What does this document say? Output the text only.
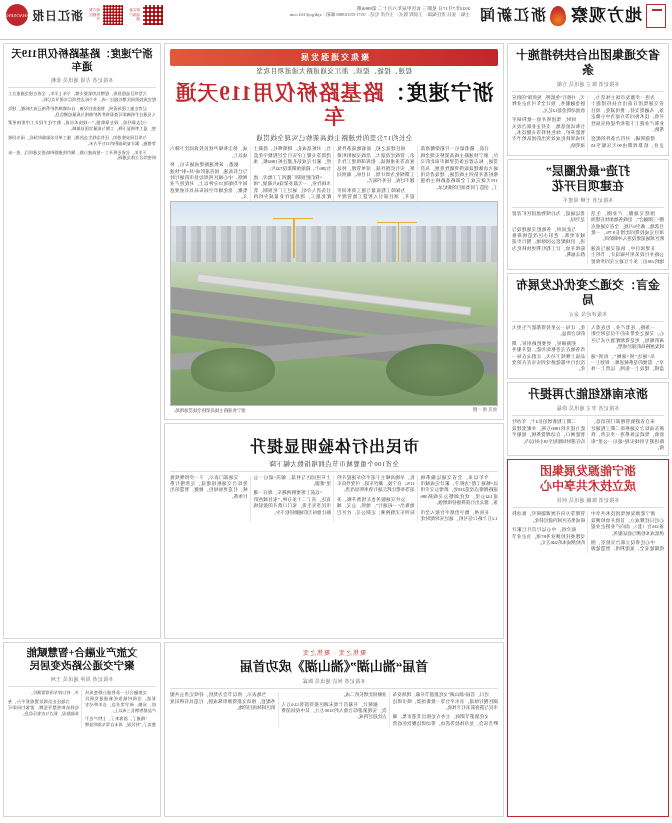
地方观察
浙江新闻
2024年7月17日 星期三 农历甲辰年六月十二 第8866期
主编：张钰 责任编辑：王晨辉 版式：王丹萍 电话：0571-85310888 邮箱：zjdfgc@163.com
浙江新闻客户端
地方观察微信号
浙江日报
SHAOXING
省交通集团出台扶持措施十条
本报记者 陈立 通讯员 方敏

为进一步激发市场主体活力，省交通集团日前出台扶持措施十条，从融资支持、费用减免、项目开放、技术协同等方面为中小微企业和产业链上下游伙伴提供实质性帮助。

措施明确，对符合条件的配套企业，结算周期由90天压缩至45天，并推行“免抵押、免担保”的供应链金融服务，预计全年可为企业释放流动资金超12亿元。

同时，集团将开放一批科研平台和试验基地，支持企业联合攻关智能养护、绿色材料等关键技术，对成果转化成效突出的团队给予专项奖励。

打造“最优圈层”
在建项目开花
本报记者 王峰 周建平

围绕交通圈、产业圈、生活圈“三圈融合”，沿线各地加快在建项目落地。截至6月底，全省交通重点项目完成投资同比增长9.7%，一批跨区域通道建设进入冲刺阶段。

在建项目中，轨道交通与高速公路并行段采用共廊设计，节约土地约230亩；多个互通立交同步预留货运通道，为后续物流园区扩容留足空间。

与此同时，各地把交通建设与城市更新、老旧小区改造统筹推进，沿线配套公园绿地、慢行步道陆续开放，让工程红利更快转化为群众福利。

金言：交通之变优化发展布局
本报评论员 金言

一条路，连着产业，也连着人心。交通之变带来的不仅是时空距离的缩短，更是资源配置方式与区域发展格局的深层重塑。

从“通达”到“通畅”，再到“通享”，需要的是系统思维：规划上一盘棋，建设上一张网，运营上一体化，让每一公里投资都能产生更大的综合效益。

把路修好，更要把路用好。期待各地在完善枢纽功能、提升服务品质上继续下功夫，让群众在每一次出行中都能感受到实实在在的变化。

浙东南枢纽能力再提升
本报记者 李文 通讯员 徐磊

来自省港航管理部门的消息，浙东南综合交通枢纽二期工程通过验收，集疏运体系进一步完善，铁路进港专用线实现“最后一公里”衔接。

二期工程新增泊位4个，年吞吐能力提升约1800万吨，并配套建设智能闸口、自动理货系统，船舶平均在港时间缩短至18小时以内。

浙宁能源发展集团
成立技术共享中心
本报记者 陈颖 通讯员 何佳

浙宁能源发展集团技术共享中心近日挂牌成立，首批开放检测设备126台（套），面向产业链企业提供低成本检测与验证服务。

中心还将设立联合实验室，围绕储能安全、氢能利用、智慧能源管理等方向开展课题研究，推动科研成果在区域内就近转化。

据介绍，中心运行首月已累计受理委托检测业务87项，为企业节约检测成本约240万元。

聚焦交通强发展
提速、提能、提质，浙江交通道路大通道项目攻坚
浙宁速度：路基路桥仅用119天通车
全长约17公里的快速路主线高架桥已实现全线贯通

日前，随着最后一片箱梁精准落位，浙宁快速路主线高架桥实现全线贯通，标志着这条贯穿城市南北的交通大动脉建设取得突破性进展。从首根桩基开钻到主线贯通，建设者仅用119天就完成了全部路基路桥主体施工，创造了同类项目的新纪录。

项目建设之初，面临地质条件复杂、管线迁改量大、沿线交通组织难度高等多重挑战。指挥部组建工作专班，实行挂图作战、清单管理，将总工期细化为周计划、日目标，做到问题不过夜、任务不隔天。

为保障工程质量与施工效率同步提升，项目部引入智慧工地管理平台，对桩基成孔、钢筋绑扎、混凝土浇筑等关键工序实行全过程数字化监控，累计完成钻孔灌注桩1860根、承台286个、箱梁预制架设742片。

“我们把预制厂搬到了工地旁，流水线作业，一天最多架设6片箱梁。”项目负责人介绍，通过工厂化预制、装配化施工，现场湿作业量减少约四成，扬尘和噪声扰民投诉同比下降六成以上。

据悉，该快速路建成通车后，将与已有高速、国省道形成“环+射”快速网络，中心城区到周边县市的通行时间平均缩短15分钟以上，对促进产业集聚、优化城市空间布局具有重要意义。

拍友 周一 摄
浙宁快速路主线高架桥全线贯通现场。
市民出行体验明显提升
全省100个重要城市节点拥堵指数大幅下降

今年以来，全省交通运输系统以“畅通工程”为抓手，累计完成城市道路拥堵点改造218处，新增公交专用道142公里，优化调整公交线路386条，群众出行获得感持续增强。

在杭州，数字治堵平台接入全市1.2万个路口信号机，通过实时配时优化，早晚高峰主干道平均车速提升约11%；在宁波，潮汐车道、可变导向车道等举措让跨江通行效率明显改善。

公共交通服务也在悄然升级。多地推出“一码通行”，地铁、公交、城际列车无缝换乘；定制公交、社区巴士开进园区与村落，解决“最后一公里”难题。

“以前上班要倒两趟车，现在一趟直达，省了二十多分钟。”家住城西的市民李先生说，家门口新开的接驳线路让他每天的通勤轻松不少。

交通部门表示，下一步将继续推进综合交通枢纽建设，完善慢行系统，打造更加绿色、便捷、智慧的出行体系。

聚焦之变 · 聚焦之变
首届“湍山湖”《湍山湖》成功首届
本报记者 何洁 通讯员 陈霖

近日，首届“湍山湖”文化旅游节开幕，现场发布湖区慢行绿道、亲水平台等一批新场景，吸引周边市民与游客前来打卡体验。

文化旅游节期间，主办方还推出非遗市集、湖畔音乐会、龙舟体验等活动，带动周边餐饮住宿营业额同比增长约二成。

据统计，开幕首个周末湖区接待游客12.6万人次，实现旅游综合收入约3100万元，其中夜间消费占比超过四成。

当地表示，将以节会为契机，持续完善公共服务配套，推动文旅资源串珠成链，打造具有辨识度的区域休闲目的地。

浙宁速度：路基路桥仅用119天通车
本报记者 方周 通讯员 张帆

大型项目是稳投资、促增长的重要支撑。今年上半年，全省在建交通重点工程完成投资同比增长超过一成，多个标志性项目实现节点目标。

记者在施工现场看到，智能张拉设备、自动喷淋养护系统已成为标配，建设人员通过手机端即可查看构件养护曲线与质量追溯信息。

“过去靠经验，现在靠数据。”一线技术员说，数字化手段让工序衔接更紧密，返工率明显下降，工期与质量实现双保障。

与项目同步推进的，还有沿线生态治理。施工单位采取临时绿化、雨水回收等措施，累计复绿面积约11万平方米。

下半年，全省还将开工一批高速公路、城市快速路和轨道交通项目，进一步织密综合立体交通网。

文旅产业融合+智慧赋能
聚宁交通公路改变居民
本报记者 周萍 通讯员 王珂

交旅融合让一条普通公路变成风景道。沿线村镇依托新通道发展民宿、采摘、研学等业态，去年带动农产品销售增长三成以上。

“路通了，游客来了，土特产也不愁卖了。”村民说，周末自驾车流明显增多，村口停车场常常满位。

当地还在沿线设置观景平台、充电驿站和智慧导览牌，游客扫码即可获取路况、景点与农家乐信息。
